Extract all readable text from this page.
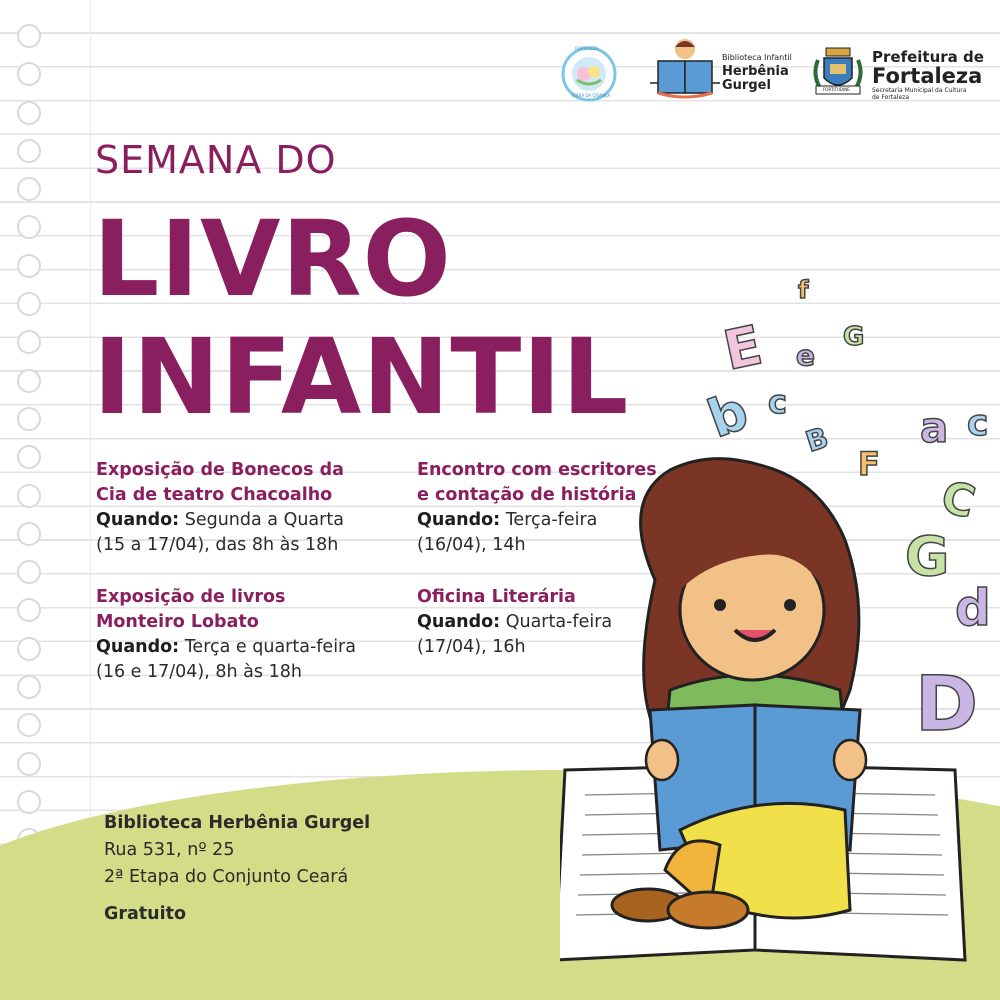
FORTALEZA
TERRA DA CRIANÇA
Biblioteca Infantil
Herbênia
Gurgel	FORTITUDINE
Prefeitura de
Fortaleza
Secretaria Municipal da Cultura
de Fortaleza
SEMANA DO
LIVRO
INFANTIL
Exposição de Bonecos da
Cia de teatro Chacoalho
Quando: Segunda a Quarta
(15 a 17/04), das 8h às 18h
Encontro com escritores
e contação de história
Quando: Terça-feira
(16/04), 14h
Exposição de livros
Monteiro Lobato
Quando: Terça e quarta-feira
(16 e 17/04), 8h às 18h
Oficina Literária
Quando: Quarta-feira
(17/04), 16h
Biblioteca Herbênia Gurgel
Rua 531, nº 25
2ª Etapa do Conjunto Ceará
Gratuito
f
E e
G
b c
B a c
F
C
G
d
D
